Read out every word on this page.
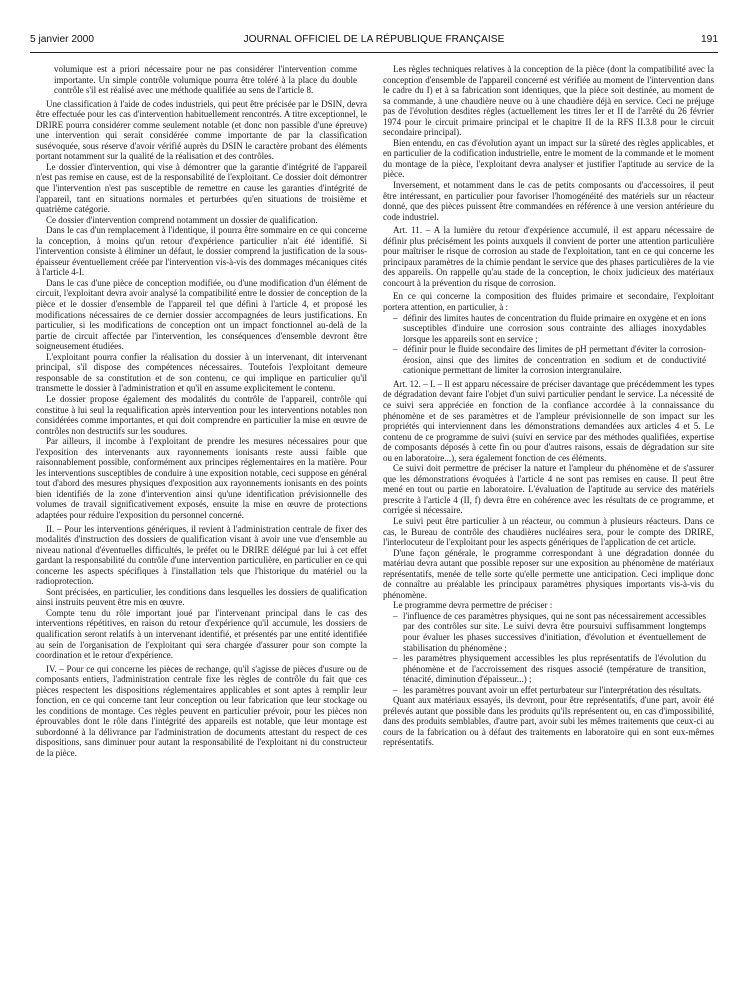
5 janvier 2000	JOURNAL OFFICIEL DE LA RÉPUBLIQUE FRANÇAISE	191

volumique est a priori nécessaire pour ne pas considérer l'intervention comme importante. Un simple contrôle volumique pourra être toléré à la place du double contrôle s'il est réalisé avec une méthode qualifiée au sens de l'article 8.

Une classification à l'aide de codes industriels, qui peut être précisée par le DSIN, devra être effectuée pour les cas d'intervention habituellement rencontrés. A titre exceptionnel, le DRIRE pourra considérer comme seulement notable (et donc non passible d'une épreuve) une intervention qui serait considérée comme importante de par la classification susévoquée, sous réserve d'avoir vérifié auprès du DSIN le caractère probant des éléments portant notamment sur la qualité de la réalisation et des contrôles.

Le dossier d'intervention, qui vise à démontrer que la garantie d'intégrité de l'appareil n'est pas remise en cause, est de la responsabilité de l'exploitant. Ce dossier doit démontrer que l'intervention n'est pas susceptible de remettre en cause les garanties d'intégrité de l'appareil, tant en situations normales et perturbées qu'en situations de troisième et quatrième catégorie.

Ce dossier d'intervention comprend notamment un dossier de qualification.

Dans le cas d'un remplacement à l'identique, il pourra être sommaire en ce qui concerne la conception, à moins qu'un retour d'expérience particulier n'ait été identifié. Si l'intervention consiste à éliminer un défaut, le dossier comprend la justification de la sous-épaisseur éventuellement créée par l'intervention vis-à-vis des dommages mécaniques cités à l'article 4-I.

Dans le cas d'une pièce de conception modifiée, ou d'une modification d'un élément de circuit, l'exploitant devra avoir analysé la compatibilité entre le dossier de conception de la pièce et le dossier d'ensemble de l'appareil tel que défini à l'article 4, et proposé les modifications nécessaires de ce dernier dossier accompagnées de leurs justifications. En particulier, si les modifications de conception ont un impact fonctionnel au-delà de la partie de circuit affectée par l'intervention, les conséquences d'ensemble devront être soigneusement étudiées.

L'exploitant pourra confier la réalisation du dossier à un intervenant, dit intervenant principal, s'il dispose des compétences nécessaires. Toutefois l'exploitant demeure responsable de sa constitution et de son contenu, ce qui implique en particulier qu'il transmette le dossier à l'administration et qu'il en assume explicitement le contenu.

Le dossier propose également des modalités du contrôle de l'appareil, contrôle qui constitue à lui seul la requalification après intervention pour les interventions notables non considérées comme importantes, et qui doit comprendre en particulier la mise en œuvre de contrôles non destructifs sur les soudures.

Par ailleurs, il incombe à l'exploitant de prendre les mesures nécessaires pour que l'exposition des intervenants aux rayonnements ionisants reste aussi faible que raisonnablement possible, conformément aux principes réglementaires en la matière. Pour les interventions susceptibles de conduire à une exposition notable, ceci suppose en général tout d'abord des mesures physiques d'exposition aux rayonnements ionisants en des points bien identifiés de la zone d'intervention ainsi qu'une identification prévisionnelle des volumes de travail significativement exposés, ensuite la mise en œuvre de protections adaptées pour réduire l'exposition du personnel concerné.

II. – Pour les interventions génériques, il revient à l'administration centrale de fixer des modalités d'instruction des dossiers de qualification visant à avoir une vue d'ensemble au niveau national d'éventuelles difficultés, le préfet ou le DRIRE délégué par lui à cet effet gardant la responsabilité du contrôle d'une intervention particulière, en particulier en ce qui concerne les aspects spécifiques à l'installation tels que l'historique du matériel ou la radioprotection.

Sont précisées, en particulier, les conditions dans lesquelles les dossiers de qualification ainsi instruits peuvent être mis en œuvre.

Compte tenu du rôle important joué par l'intervenant principal dans le cas des interventions répétitives, en raison du retour d'expérience qu'il accumule, les dossiers de qualification seront relatifs à un intervenant identifié, et présentés par une entité identifiée au sein de l'organisation de l'exploitant qui sera chargée d'assurer pour son compte la coordination et le retour d'expérience.

IV. – Pour ce qui concerne les pièces de rechange, qu'il s'agisse de pièces d'usure ou de composants entiers, l'administration centrale fixe les règles de contrôle du fait que ces pièces respectent les dispositions réglementaires applicables et sont aptes à remplir leur fonction, en ce qui concerne tant leur conception ou leur fabrication que leur stockage ou les conditions de montage. Ces règles peuvent en particulier prévoir, pour les pièces non éprouvables dont le rôle dans l'intégrité des appareils est notable, que leur montage est subordonné à la délivrance par l'administration de documents attestant du respect de ces dispositions, sans diminuer pour autant la responsabilité de l'exploitant ni du constructeur de la pièce.

Les règles techniques relatives à la conception de la pièce (dont la compatibilité avec la conception d'ensemble de l'appareil concerné est vérifiée au moment de l'intervention dans le cadre du I) et à sa fabrication sont identiques, que la pièce soit destinée, au moment de sa commande, à une chaudière neuve ou à une chaudière déjà en service. Ceci ne préjuge pas de l'évolution desdites règles (actuellement les titres Ier et II de l'arrêté du 26 février 1974 pour le circuit primaire principal et le chapitre II de la RFS II.3.8 pour le circuit secondaire principal).

Bien entendu, en cas d'évolution ayant un impact sur la sûreté des règles applicables, et en particulier de la codification industrielle, entre le moment de la commande et le moment du montage de la pièce, l'exploitant devra analyser et justifier l'aptitude au service de la pièce.

Inversement, et notamment dans le cas de petits composants ou d'accessoires, il peut être intéressant, en particulier pour favoriser l'homogénéité des matériels sur un réacteur donné, que des pièces puissent être commandées en référence à une version antérieure du code industriel.

Art. 11. – A la lumière du retour d'expérience accumulé, il est apparu nécessaire de définir plus précisément les points auxquels il convient de porter une attention particulière pour maîtriser le risque de corrosion au stade de l'exploitation, tant en ce qui concerne les principaux paramètres de la chimie pendant le service que des phases particulières de la vie des appareils. On rappelle qu'au stade de la conception, le choix judicieux des matériaux concourt à la prévention du risque de corrosion.

En ce qui concerne la composition des fluides primaire et secondaire, l'exploitant portera attention, en particulier, à :

– définir des limites hautes de concentration du fluide primaire en oxygène et en ions susceptibles d'induire une corrosion sous contrainte des alliages inoxydables lorsque les appareils sont en service ;
– définir pour le fluide secondaire des limites de pH permettant d'éviter la corrosion-érosion, ainsi que des limites de concentration en sodium et de conductivité cationique permettant de limiter la corrosion intergranulaire.

Art. 12. – I. – Il est apparu nécessaire de préciser davantage que précédemment les types de dégradation devant faire l'objet d'un suivi particulier pendant le service. La nécessité de ce suivi sera appréciée en fonction de la confiance accordée à la connaissance du phénomène et de ses paramètres et de l'ampleur prévisionnelle de son impact sur les propriétés qui interviennent dans les démonstrations demandées aux articles 4 et 5. Le contenu de ce programme de suivi (suivi en service par des méthodes qualifiées, expertise de composants déposés à cette fin ou pour d'autres raisons, essais de dégradation sur site ou en laboratoire...), sera également fonction de ces éléments.

Ce suivi doit permettre de préciser la nature et l'ampleur du phénomène et de s'assurer que les démonstrations évoquées à l'article 4 ne sont pas remises en cause. Il peut être mené en tout ou partie en laboratoire. L'évaluation de l'aptitude au service des matériels prescrite à l'article 4 (II, f) devra être en cohérence avec les résultats de ce programme, et corrigée si nécessaire.

Le suivi peut être particulier à un réacteur, ou commun à plusieurs réacteurs. Dans ce cas, le Bureau de contrôle des chaudières nucléaires sera, pour le compte des DRIRE, l'interlocuteur de l'exploitant pour les aspects génériques de l'application de cet article.

D'une façon générale, le programme correspondant à une dégradation donnée du matériau devra autant que possible reposer sur une exposition au phénomène de matériaux représentatifs, menée de telle sorte qu'elle permette une anticipation. Ceci implique donc de connaître au préalable les principaux paramètres physiques importants vis-à-vis du phénomène.

Le programme devra permettre de préciser :

– l'influence de ces paramètres physiques, qui ne sont pas nécessairement accessibles par des contrôles sur site. Le suivi devra être poursuivi suffisamment longtemps pour évaluer les phases successives d'initiation, d'évolution et éventuellement de stabilisation du phénomène ;
– les paramètres physiquement accessibles les plus représentatifs de l'évolution du phénomène et de l'accroissement des risques associé (température de transition, ténacité, diminution d'épaisseur...) ;
– les paramètres pouvant avoir un effet perturbateur sur l'interprétation des résultats.

Quant aux matériaux essayés, ils devront, pour être représentatifs, d'une part, avoir été prélevés autant que possible dans les produits qu'ils représentent ou, en cas d'impossibilité, dans des produits semblables, d'autre part, avoir subi les mêmes traitements que ceux-ci au cours de la fabrication ou à défaut des traitements en laboratoire qui en sont eux-mêmes représentatifs.
